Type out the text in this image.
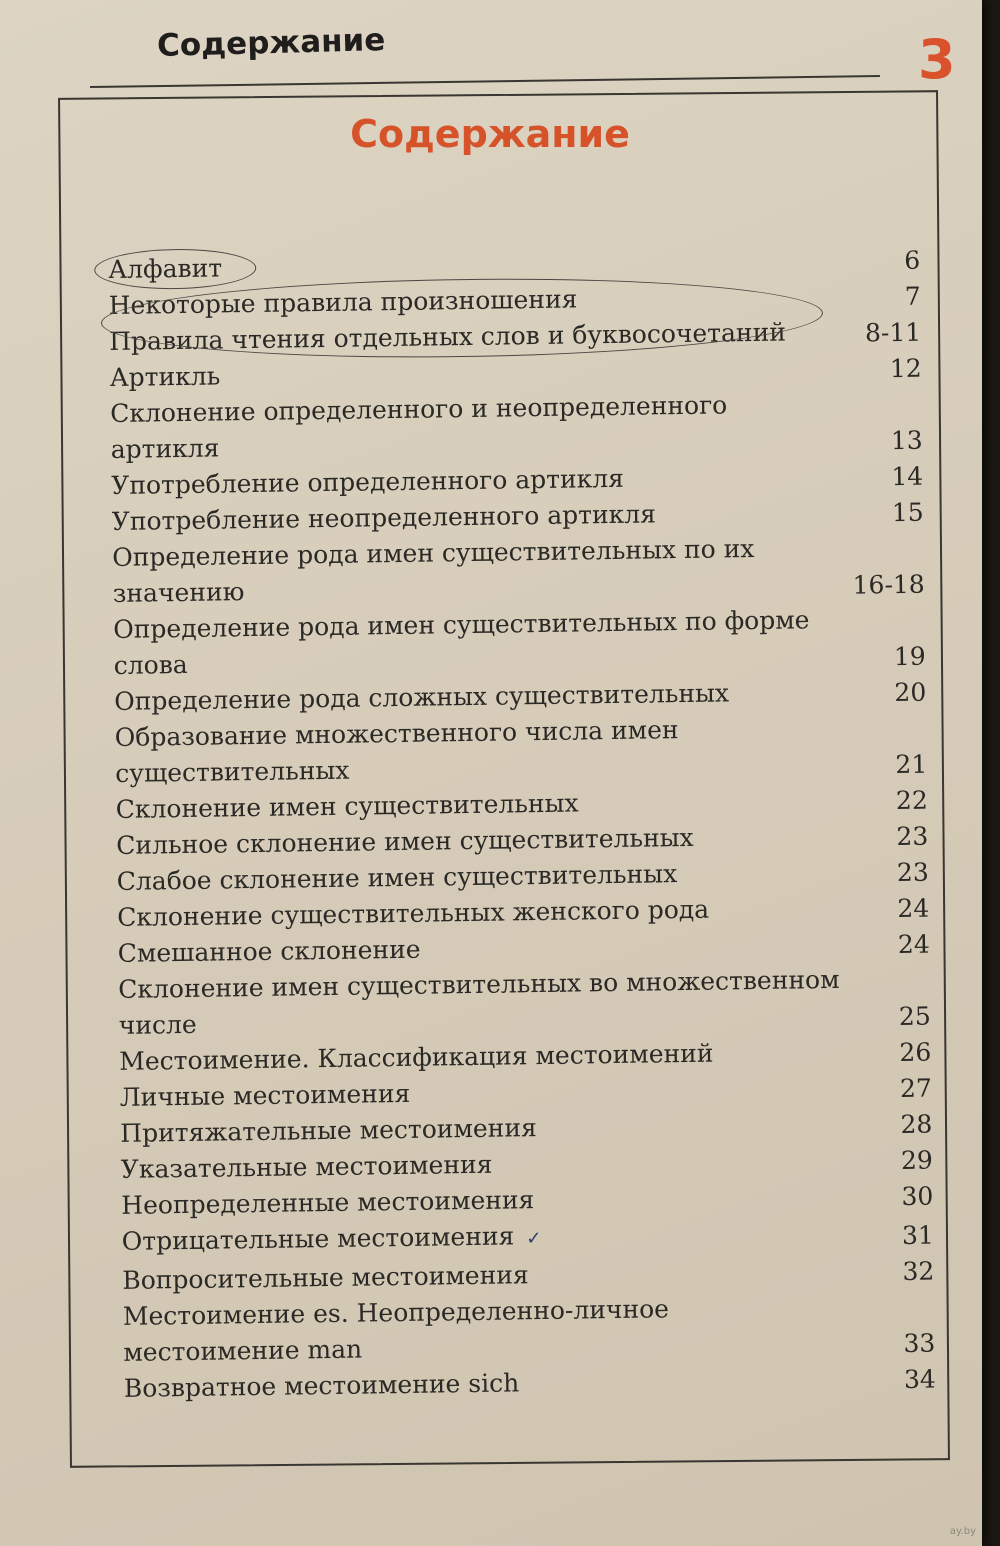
Содержание	3
Содержание
Алфавит	6
Некоторые правила произношения	7
Правила чтения отдельных слов и буквосочетаний	8-11
Артикль	12
Склонение определенного и неопределенного артикля	13
Употребление определенного артикля	14
Употребление неопределенного артикля	15
Определение рода имен существительных по их значению	16-18
Определение рода имен существительных по форме слова	19
Определение рода сложных существительных	20
Образование множественного числа имен существительных	21
Склонение имен существительных	22
Сильное склонение имен существительных	23
Слабое склонение имен существительных	23
Склонение существительных женского рода	24
Смешанное склонение	24
Склонение имен существительных во множественном числе	25
Местоимение. Классификация местоимений	26
Личные местоимения	27
Притяжательные местоимения	28
Указательные местоимения	29
Неопределенные местоимения	30
Отрицательные местоимения ✓	31
Вопросительные местоимения	32
Местоимение es. Неопределенно-личное местоимение man	33
Возвратное местоимение sich	34
ay.by
